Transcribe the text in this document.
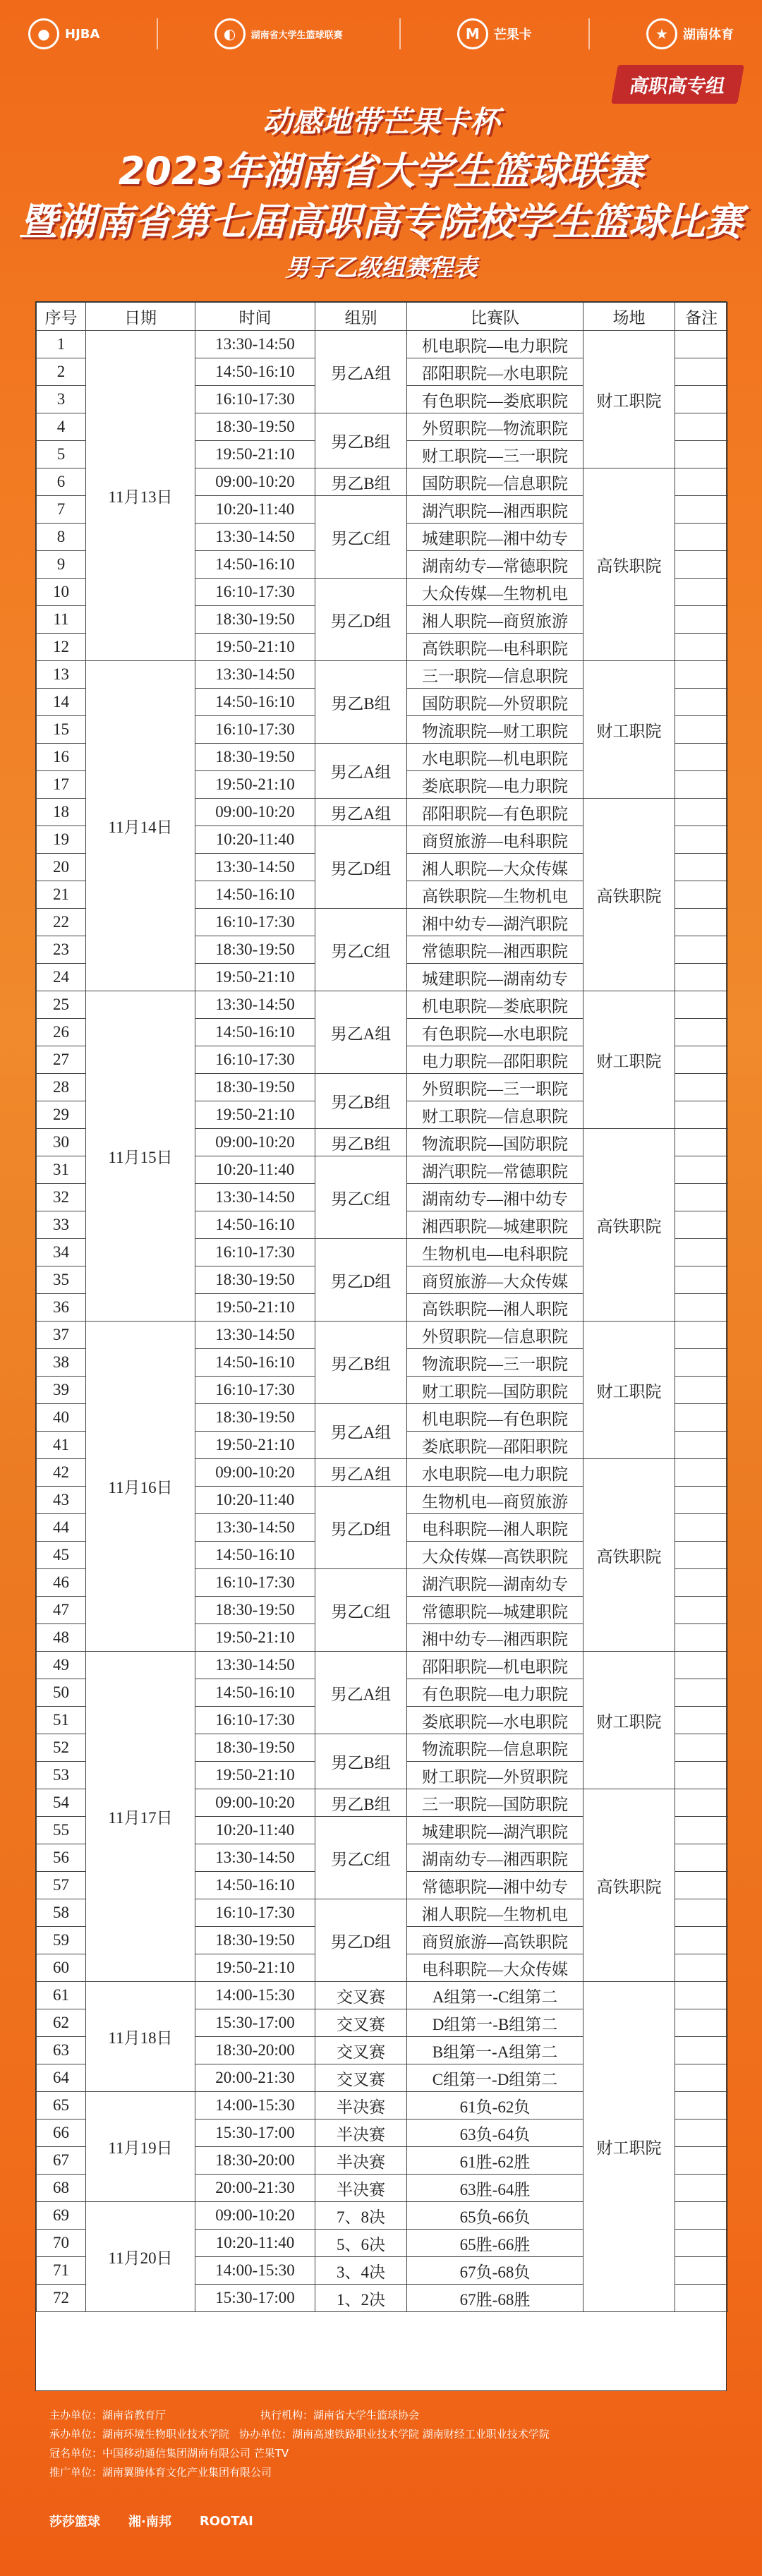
●	HJBA	◐	湖南省大学生篮球联赛	M	芒果卡	★	湖南体育
高职高专组
动感地带芒果卡杯
2023年湖南省大学生篮球联赛
暨湖南省第七届高职高专院校学生篮球比赛
男子乙级组赛程表
序号	日期	时间	组别	比赛队	场地	备注
1	11月13日	13:30-14:50	男乙A组	机电职院—电力职院	财工职院	
2		14:50-16:10		邵阳职院—水电职院		
3		16:10-17:30		有色职院—娄底职院		
4		18:30-19:50	男乙B组	外贸职院—物流职院		
5		19:50-21:10		财工职院—三一职院		
6		09:00-10:20	男乙B组	国防职院—信息职院	高铁职院	
7		10:20-11:40	男乙C组	湖汽职院—湘西职院		
8		13:30-14:50		城建职院—湘中幼专		
9		14:50-16:10		湖南幼专—常德职院		
10		16:10-17:30	男乙D组	大众传媒—生物机电		
11		18:30-19:50		湘人职院—商贸旅游		
12		19:50-21:10		高铁职院—电科职院		
13	11月14日	13:30-14:50	男乙B组	三一职院—信息职院	财工职院	
14		14:50-16:10		国防职院—外贸职院		
15		16:10-17:30		物流职院—财工职院		
16		18:30-19:50	男乙A组	水电职院—机电职院		
17		19:50-21:10		娄底职院—电力职院		
18		09:00-10:20	男乙A组	邵阳职院—有色职院	高铁职院	
19		10:20-11:40	男乙D组	商贸旅游—电科职院		
20		13:30-14:50		湘人职院—大众传媒		
21		14:50-16:10		高铁职院—生物机电		
22		16:10-17:30	男乙C组	湘中幼专—湖汽职院		
23		18:30-19:50		常德职院—湘西职院		
24		19:50-21:10		城建职院—湖南幼专		
25	11月15日	13:30-14:50	男乙A组	机电职院—娄底职院	财工职院	
26		14:50-16:10		有色职院—水电职院		
27		16:10-17:30		电力职院—邵阳职院		
28		18:30-19:50	男乙B组	外贸职院—三一职院		
29		19:50-21:10		财工职院—信息职院		
30		09:00-10:20	男乙B组	物流职院—国防职院	高铁职院	
31		10:20-11:40	男乙C组	湖汽职院—常德职院		
32		13:30-14:50		湖南幼专—湘中幼专		
33		14:50-16:10		湘西职院—城建职院		
34		16:10-17:30	男乙D组	生物机电—电科职院		
35		18:30-19:50		商贸旅游—大众传媒		
36		19:50-21:10		高铁职院—湘人职院		
37	11月16日	13:30-14:50	男乙B组	外贸职院—信息职院	财工职院	
38		14:50-16:10		物流职院—三一职院		
39		16:10-17:30		财工职院—国防职院		
40		18:30-19:50	男乙A组	机电职院—有色职院		
41		19:50-21:10		娄底职院—邵阳职院		
42		09:00-10:20	男乙A组	水电职院—电力职院	高铁职院	
43		10:20-11:40	男乙D组	生物机电—商贸旅游		
44		13:30-14:50		电科职院—湘人职院		
45		14:50-16:10		大众传媒—高铁职院		
46		16:10-17:30	男乙C组	湖汽职院—湖南幼专		
47		18:30-19:50		常德职院—城建职院		
48		19:50-21:10		湘中幼专—湘西职院		
49	11月17日	13:30-14:50	男乙A组	邵阳职院—机电职院	财工职院	
50		14:50-16:10		有色职院—电力职院		
51		16:10-17:30		娄底职院—水电职院		
52		18:30-19:50	男乙B组	物流职院—信息职院		
53		19:50-21:10		财工职院—外贸职院		
54		09:00-10:20	男乙B组	三一职院—国防职院	高铁职院	
55		10:20-11:40	男乙C组	城建职院—湖汽职院		
56		13:30-14:50		湖南幼专—湘西职院		
57		14:50-16:10		常德职院—湘中幼专		
58		16:10-17:30	男乙D组	湘人职院—生物机电		
59		18:30-19:50		商贸旅游—高铁职院		
60		19:50-21:10		电科职院—大众传媒		
61	11月18日	14:00-15:30	交叉赛	A组第一-C组第二	财工职院	
62		15:30-17:00	交叉赛	D组第一-B组第二		
63		18:30-20:00	交叉赛	B组第一-A组第二		
64		20:00-21:30	交叉赛	C组第一-D组第二		
65	11月19日	14:00-15:30	半决赛	61负-62负		
66		15:30-17:00	半决赛	63负-64负		
67		18:30-20:00	半决赛	61胜-62胜		
68		20:00-21:30	半决赛	63胜-64胜		
69	11月20日	09:00-10:20	7、8决	65负-66负		
70		10:20-11:40	5、6决	65胜-66胜		
71		14:00-15:30	3、4决	67负-68负		
72		15:30-17:00	1、2决	67胜-68胜		
主办单位：湖南省教育厅	执行机构：湖南省大学生篮球协会
承办单位：湖南环境生物职业技术学院 协办单位：湖南高速铁路职业技术学院 湖南财经工业职业技术学院
冠名单位：中国移动通信集团湖南有限公司 芒果TV
推广单位：湖南翼腾体育文化产业集团有限公司
莎莎篮球 湘·南邦 ROOTAI
